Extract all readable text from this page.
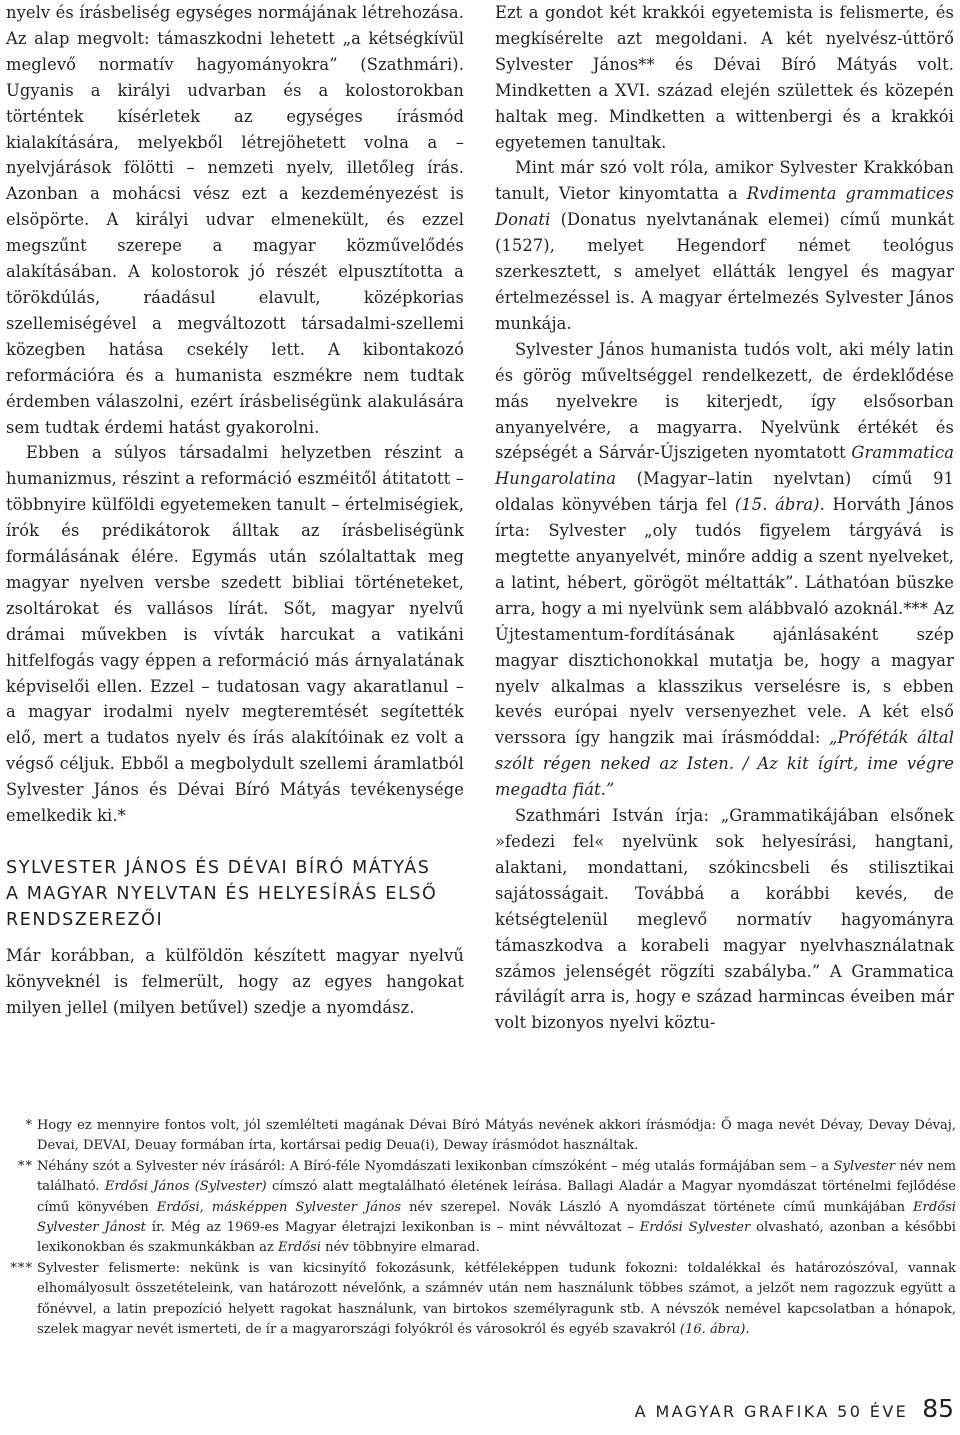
nyelv és írásbeliség egységes normájának létrehozása. Az alap megvolt: támaszkodni lehetett „a kétségkívül meglevő normatív hagyományokra” (Szathmári). Ugyanis a királyi udvarban és a kolostorokban történtek kísérletek az egységes írásmód kialakítására, melyekből létrejöhetett volna a – nyelvjárások fölötti – nemzeti nyelv, illetőleg írás. Azonban a mohácsi vész ezt a kezdeményezést is elsöpörte. A királyi udvar elmenekült, és ezzel megszűnt szerepe a magyar közművelődés alakításában. A kolostorok jó részét elpusztította a törökdúlás, ráadásul elavult, középkorias szellemiségével a megváltozott társadalmi-szellemi közegben hatása csekély lett. A kibontakozó reformációra és a humanista eszmékre nem tudtak érdemben válaszolni, ezért írásbeliségünk alakulására sem tudtak érdemi hatást gyakorolni.

Ebben a súlyos társadalmi helyzetben részint a humanizmus, részint a reformáció eszméitől átitatott – többnyire külföldi egyetemeken tanult – értelmiségiek, írók és prédikátorok álltak az írásbeliségünk formálásának élére. Egymás után szólaltattak meg magyar nyelven versbe szedett bibliai történeteket, zsoltárokat és vallásos lírát. Sőt, magyar nyelvű drámai művekben is vívták harcukat a vatikáni hitfelfogás vagy éppen a reformáció más árnyalatának képviselői ellen. Ezzel – tudatosan vagy akaratlanul – a magyar irodalmi nyelv megteremtését segítették elő, mert a tudatos nyelv és írás alakítóinak ez volt a végső céljuk. Ebből a megbolydult szellemi áramlatból Sylvester János és Dévai Bíró Mátyás tevékenysége emelkedik ki.*

SYLVESTER JÁNOS ÉS DÉVAI BÍRÓ MÁTYÁS
A MAGYAR NYELVTAN ÉS HELYESÍRÁS ELSŐ
RENDSZEREZŐI

Már korábban, a külföldön készített magyar nyelvű könyveknél is felmerült, hogy az egyes hangokat milyen jellel (milyen betűvel) szedje a nyomdász.

Ezt a gondot két krakkói egyetemista is felismerte, és megkísérelte azt megoldani. A két nyelvész-úttörő Sylvester János** és Dévai Bíró Mátyás volt. Mindketten a XVI. század elején születtek és közepén haltak meg. Mindketten a wittenbergi és a krakkói egyetemen tanultak.

Mint már szó volt róla, amikor Sylvester Krakkóban tanult, Vietor kinyomtatta a Rvdimenta grammatices Donati (Donatus nyelvtanának elemei) című munkát (1527), melyet Hegendorf német teológus szerkesztett, s amelyet ellátták lengyel és magyar értelmezéssel is. A magyar értelmezés Sylvester János munkája.

Sylvester János humanista tudós volt, aki mély latin és görög műveltséggel rendelkezett, de érdeklődése más nyelvekre is kiterjedt, így elsősorban anyanyelvére, a magyarra. Nyelvünk értékét és szépségét a Sárvár-Újszigeten nyomtatott Grammatica Hungarolatina (Magyar–latin nyelvtan) című 91 oldalas könyvében tárja fel (15. ábra). Horváth János írta: Sylvester „oly tudós figyelem tárgyává is megtette anyanyelvét, minőre addig a szent nyelveket, a latint, hébert, görögöt méltatták”. Láthatóan büszke arra, hogy a mi nyelvünk sem alábbvaló azoknál.*** Az Újtestamentum-fordításának ajánlásaként szép magyar disztichonokkal mutatja be, hogy a magyar nyelv alkalmas a klasszikus verselésre is, s ebben kevés európai nyelv versenyezhet vele. A két első verssora így hangzik mai írásmóddal: „Próféták által szólt régen neked az Isten. / Az kit ígírt, ime végre megadta fiát.”

Szathmári István írja: „Grammatikájában elsőnek »fedezi fel« nyelvünk sok helyesírási, hangtani, alaktani, mondattani, szókincsbeli és stilisztikai sajátosságait. Továbbá a korábbi kevés, de kétségtelenül meglevő normatív hagyományra támaszkodva a korabeli magyar nyelvhasználatnak számos jelenségét rögzíti szabályba.” A Grammatica rávilágít arra is, hogy e század harmincas éveiben már volt bizonyos nyelvi köztu-

* Hogy ez mennyire fontos volt, jól szemlélteti magának Dévai Bíró Mátyás nevének akkori írásmódja: Ő maga nevét Dévay, Devay Dévaj, Devai, DEVAI, Deuay formában írta, kortársai pedig Deua(i), Deway írásmódot használtak.
** Néhány szót a Sylvester név írásáról: A Bíró-féle Nyomdászati lexikonban címszóként – még utalás formájában sem – a Sylvester név nem található. Erdősi János (Sylvester) címszó alatt megtalálható életének leírása. Ballagi Aladár a Magyar nyomdászat történelmi fejlődése című könyvében Erdősi, másképpen Sylvester János név szerepel. Novák László A nyomdászat története című munkájában Erdősi Sylvester Jánost ír. Még az 1969-es Magyar életrajzi lexikonban is – mint névváltozat – Erdősi Sylvester olvasható, azonban a későbbi lexikonokban és szakmunkákban az Erdősi név többnyire elmarad.
*** Sylvester felismerte: nekünk is van kicsinyítő fokozásunk, kétféleképpen tudunk fokozni: toldalékkal és határozószóval, vannak elhomályosult összetételeink, van határozott névelőnk, a számnév után nem használunk többes számot, a jelzőt nem ragozzuk együtt a főnévvel, a latin prepozíció helyett ragokat használunk, van birtokos személyragunk stb. A névszók nemével kapcsolatban a hónapok, szelek magyar nevét ismerteti, de ír a magyarországi folyókról és városokról és egyéb szavakról (16. ábra).
A MAGYAR GRAFIKA 50 ÉVE 85
